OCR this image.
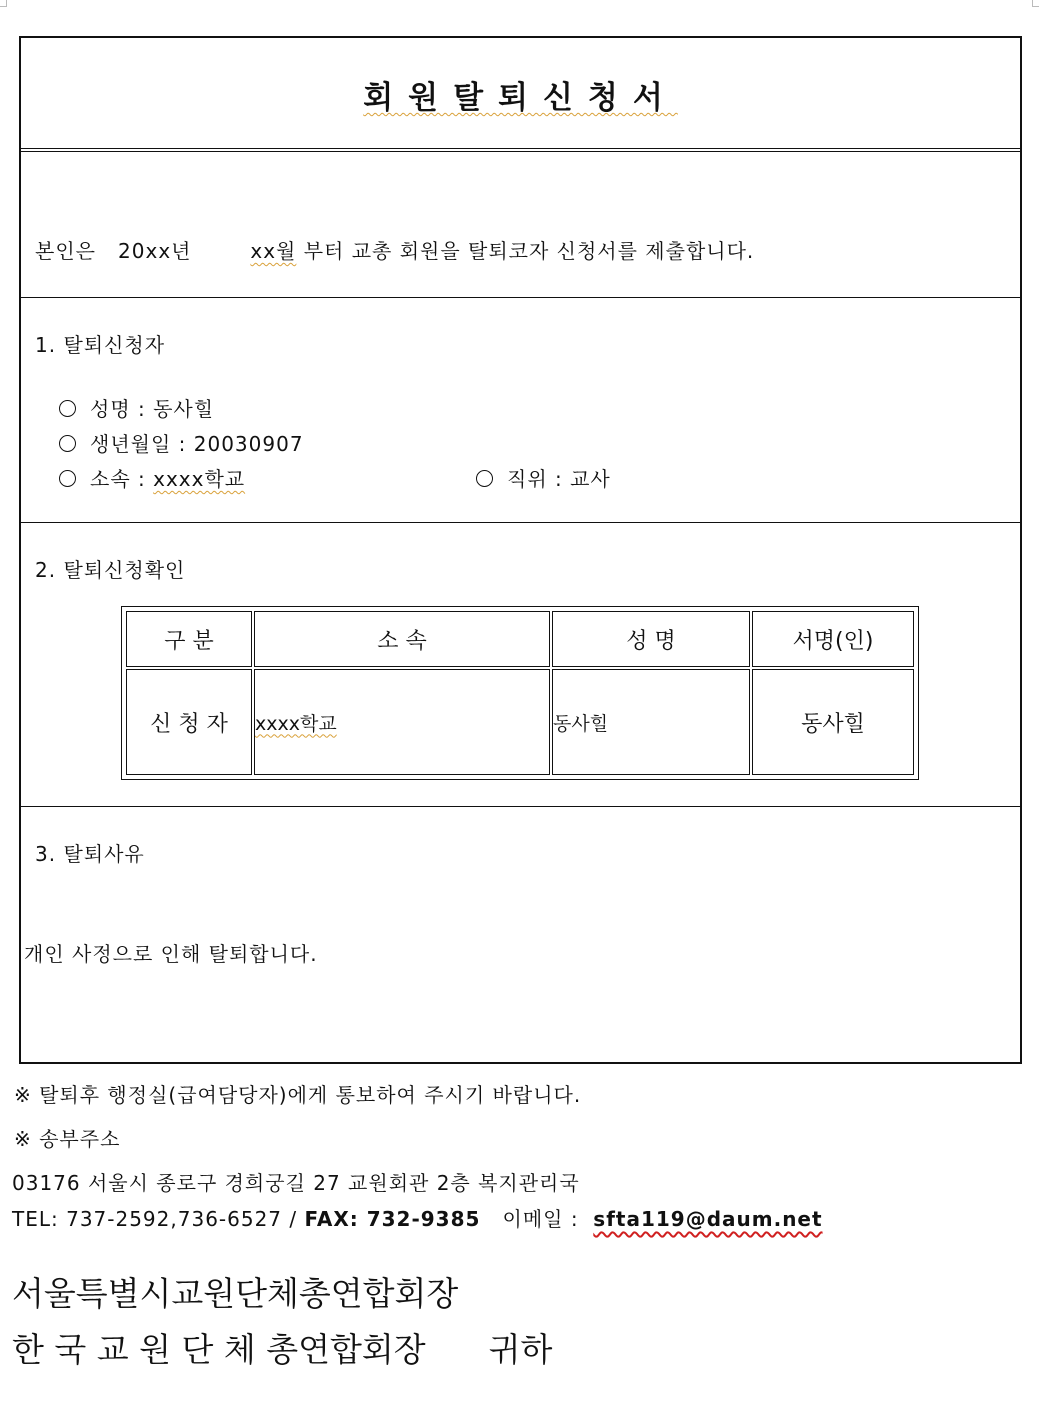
회원탈퇴신청서
본인은 20xx년	xx월 부터 교총 회원을 탈퇴코자 신청서를 제출합니다.
1. 탈퇴신청자
성명 : 동사힐
생년월일 : 20030907
소속 : xxxx학교	직위 : 교사
2. 탈퇴신청확인
구 분	소 속	성 명	서명(인)
신 청 자	xxxx학교	동사힐	동사힐
3. 탈퇴사유
개인 사정으로 인해 탈퇴합니다.
※ 탈퇴후 행정실(급여담당자)에게 통보하여 주시기 바랍니다.
※ 송부주소
03176 서울시 종로구 경희궁길 27 교원회관 2층 복지관리국
TEL: 737-2592,736-6527 / FAX: 732-9385 이메일 : sfta119@daum.net
서울특별시교원단체총연합회장
한 국 교 원 단 체 총연합회장 귀하
